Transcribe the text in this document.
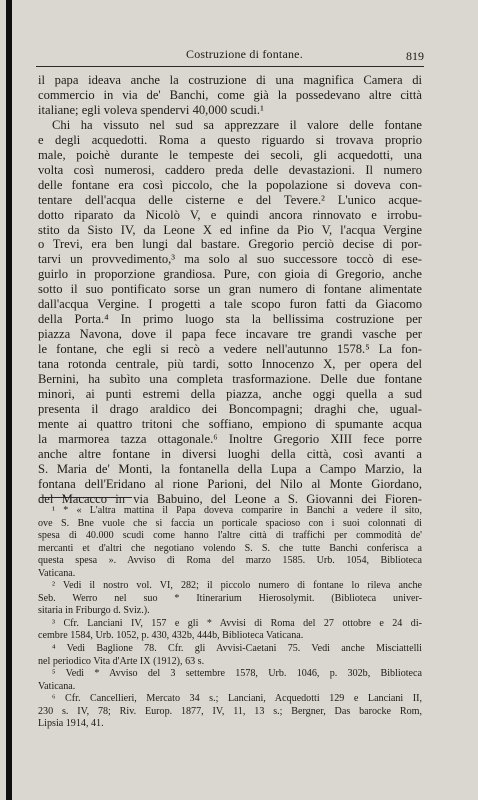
Costruzione di fontane.	819
il papa ideava anche la costruzione di una magnifica Camera di
commercio in via de' Banchi, come già la possedevano altre città
italiane; egli voleva spendervi 40,000 scudi.¹
Chi ha vissuto nel sud sa apprezzare il valore delle fontane
e degli acquedotti. Roma a questo riguardo si trovava proprio
male, poichè durante le tempeste dei secoli, gli acquedotti, una
volta così numerosi, caddero preda delle devastazioni. Il numero
delle fontane era così piccolo, che la popolazione si doveva con-
tentare dell'acqua delle cisterne e del Tevere.² L'unico acque-
dotto riparato da Nicolò V, e quindi ancora rinnovato e irrobu-
stito da Sisto IV, da Leone X ed infine da Pio V, l'acqua Vergine
o Trevi, era ben lungi dal bastare. Gregorio perciò decise di por-
tarvi un provvedimento,³ ma solo al suo successore toccò di ese-
guirlo in proporzione grandiosa. Pure, con gioia di Gregorio, anche
sotto il suo pontificato sorse un gran numero di fontane alimentate
dall'acqua Vergine. I progetti a tale scopo furon fatti da Giacomo
della Porta.⁴ In primo luogo sta la bellissima costruzione per
piazza Navona, dove il papa fece incavare tre grandi vasche per
le fontane, che egli si recò a vedere nell'autunno 1578.⁵ La fon-
tana rotonda centrale, più tardi, sotto Innocenzo X, per opera del
Bernini, ha subìto una completa trasformazione. Delle due fontane
minori, ai punti estremi della piazza, anche oggi quella a sud
presenta il drago araldico dei Boncompagni; draghi che, ugual-
mente ai quattro tritoni che soffiano, empiono di spumante acqua
la marmorea tazza ottagonale.⁶ Inoltre Gregorio XIII fece porre
anche altre fontane in diversi luoghi della città, così avanti a
S. Maria de' Monti, la fontanella della Lupa a Campo Marzio, la
fontana dell'Eridano al rione Parioni, del Nilo al Monte Giordano,
del Macacco in via Babuino, del Leone a S. Giovanni dei Fioren-
¹ * « L'altra mattina il Papa doveva comparire in Banchi a vedere il sito,
ove S. Bne vuole che si faccia un porticale spacioso con i suoi colonnati di
spesa di 40.000 scudi come hanno l'altre città di traffichi per commodità de'
mercanti et d'altri che negotiano volendo S. S. che tutte Banchi conferisca a
questa spesa ». Avviso di Roma del marzo 1585. Urb. 1054, Biblioteca
Vaticana.
² Vedi il nostro vol. VI, 282; il piccolo numero di fontane lo rileva anche
Seb. Werro nel suo * Itinerarium Hierosolymit. (Biblioteca univer-
sitaria in Friburgo d. Sviz.).
³ Cfr. Lanciani IV, 157 e gli * Avvisi di Roma del 27 ottobre e 24 di-
cembre 1584, Urb. 1052, p. 430, 432b, 444b, Biblioteca Vaticana.
⁴ Vedi Baglione 78. Cfr. gli Avvisi-Caetani 75. Vedi anche Misciattelli
nel periodico Vita d'Arte IX (1912), 63 s.
⁵ Vedi * Avviso del 3 settembre 1578, Urb. 1046, p. 302b, Biblioteca
Vaticana.
⁶ Cfr. Cancellieri, Mercato 34 s.; Lanciani, Acquedotti 129 e Lanciani II,
230 s. IV, 78; Riv. Europ. 1877, IV, 11, 13 s.; Bergner, Das barocke Rom,
Lipsia 1914, 41.
